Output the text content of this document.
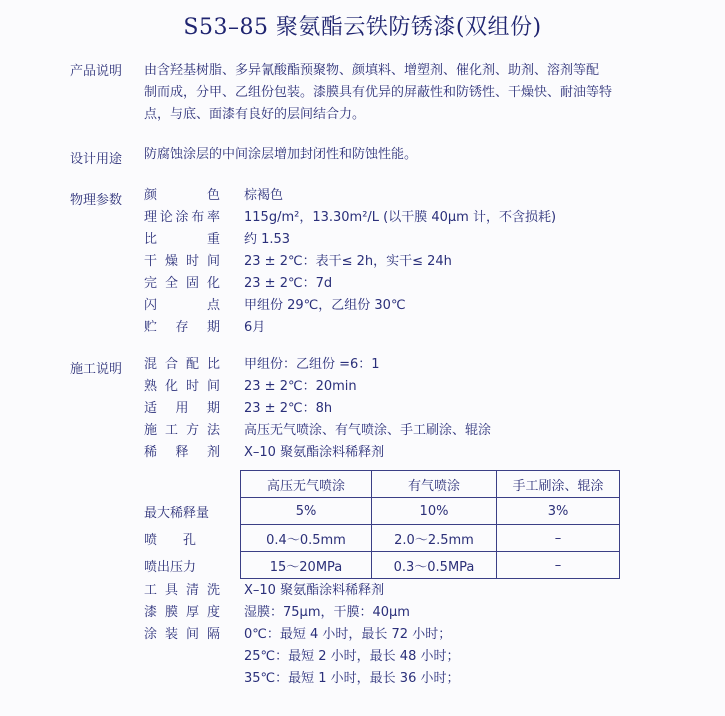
S53–85 聚氨酯云铁防锈漆(双组份)
产品说明 由含羟基树脂、多异氰酸酯预聚物、颜填料、增塑剂、催化剂、助剂、溶剂等配
制而成，分甲、乙组份包装。漆膜具有优异的屏蔽性和防锈性、干燥快、耐油等特
点，与底、面漆有良好的层间结合力。
设计用途 防腐蚀涂层的中间涂层增加封闭性和防蚀性能。
物理参数 颜色 棕褐色
理论涂布率 115g/m²，13.30m²/L (以干膜 40μm 计，不含损耗)
比重 约 1.53
干燥时间 23 ± 2℃：表干≤ 2h，实干≤ 24h
完全固化 23 ± 2℃：7d
闪点 甲组份 29℃，乙组份 30℃
贮存期 6月
施工说明 混合配比 甲组份：乙组份 =6：1
熟化时间 23 ± 2℃：20min
适用期 23 ± 2℃：8h
施工方法 高压无气喷涂、有气喷涂、手工刷涂、辊涂
稀释剂 X–10 聚氨酯涂料稀释剂
	高压无气喷涂	有气喷涂	手工刷涂、辊涂
最大稀释量	5%	10%	3%
喷　　孔	0.4～0.5mm	2.0～2.5mm	–
喷出压力	15～20MPa	0.3～0.5MPa	–
工具清洗 X–10 聚氨酯涂料稀释剂
漆膜厚度 湿膜：75μm，干膜：40μm
涂装间隔 0℃：最短 4 小时，最长 72 小时；
25℃：最短 2 小时，最长 48 小时；
35℃：最短 1 小时，最长 36 小时；
